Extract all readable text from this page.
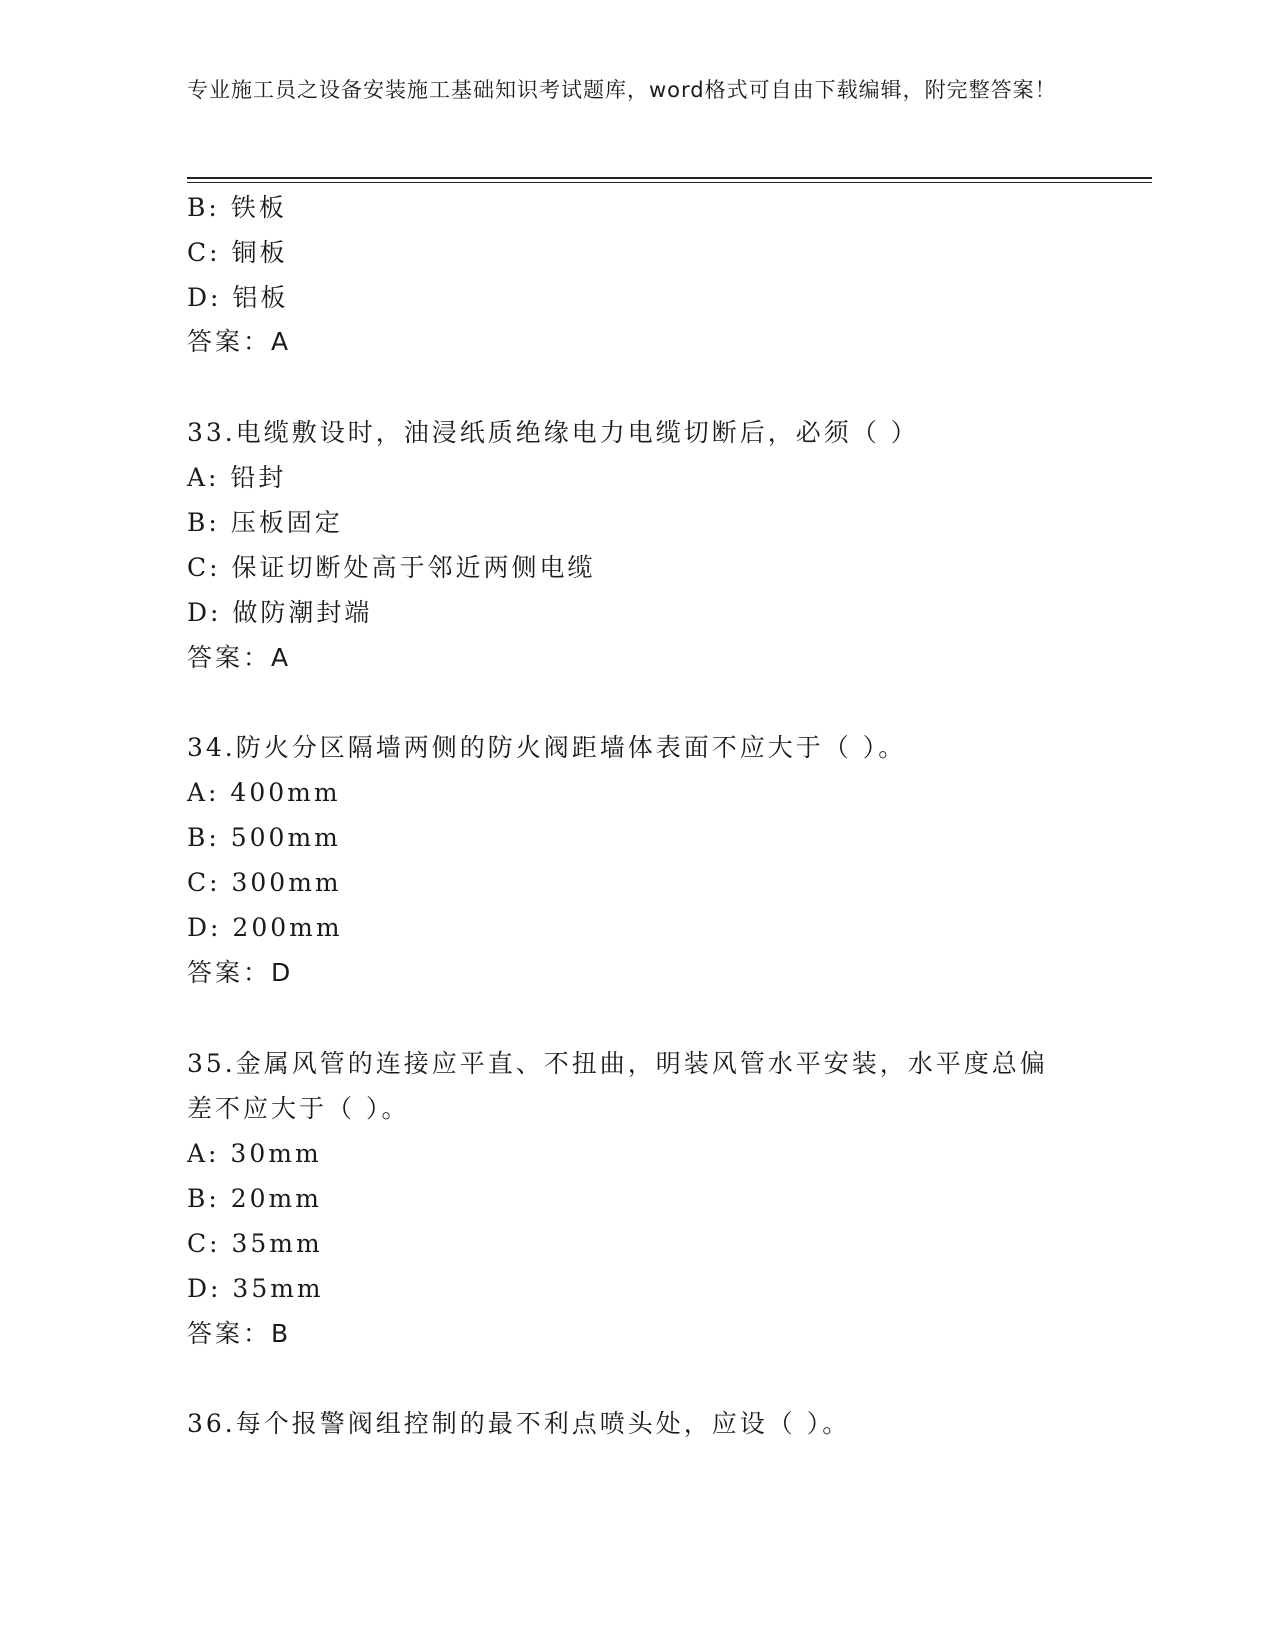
专业施工员之设备安装施工基础知识考试题库，word格式可自由下载编辑，附完整答案！
B: 铁板
C: 铜板
D: 铝板
答案：A
33.电缆敷设时，油浸纸质绝缘电力电缆切断后，必须（ ）
A: 铅封
B: 压板固定
C: 保证切断处高于邻近两侧电缆
D: 做防潮封端
答案：A
34.防火分区隔墙两侧的防火阀距墙体表面不应大于（ ）。
A: 400mm
B: 500mm
C: 300mm
D: 200mm
答案：D
35.金属风管的连接应平直、不扭曲，明装风管水平安装，水平度总偏
差不应大于（ ）。
A: 30mm
B: 20mm
C: 35mm
D: 35mm
答案：B
36.每个报警阀组控制的最不利点喷头处，应设（ ）。
